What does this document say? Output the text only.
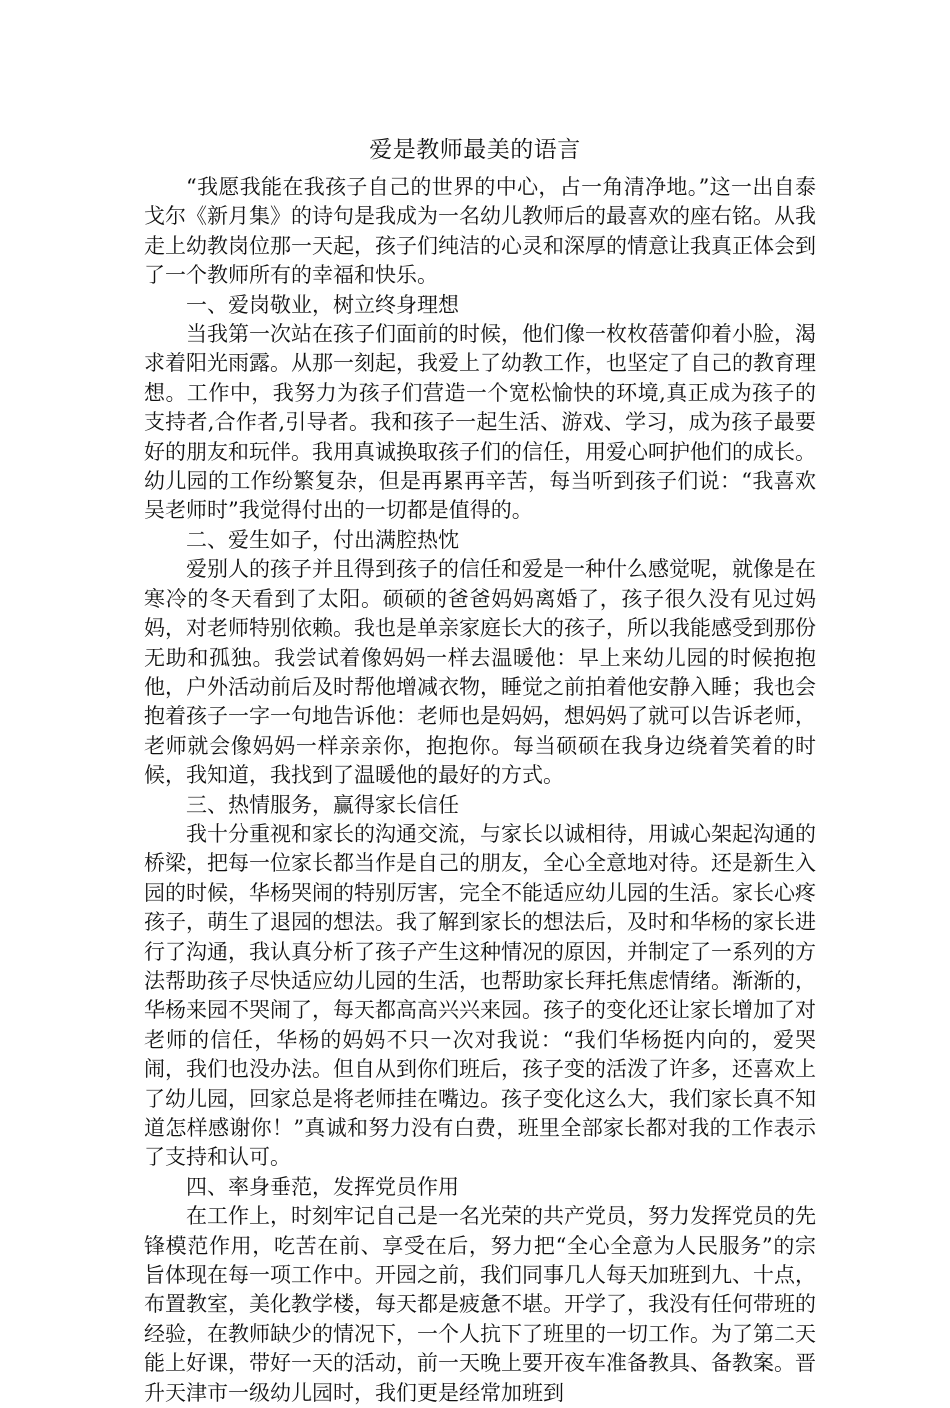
爱是教师最美的语言

“我愿我能在我孩子自己的世界的中心，占一角清净地。”这一出自泰戈尔《新月集》的诗句是我成为一名幼儿教师后的最喜欢的座右铭。从我走上幼教岗位那一天起，孩子们纯洁的心灵和深厚的情意让我真正体会到了一个教师所有的幸福和快乐。

一、爱岗敬业，树立终身理想

当我第一次站在孩子们面前的时候，他们像一枚枚蓓蕾仰着小脸，渴求着阳光雨露。从那一刻起，我爱上了幼教工作，也坚定了自己的教育理想。工作中，我努力为孩子们营造一个宽松愉快的环境,真正成为孩子的支持者,合作者,引导者。我和孩子一起生活、游戏、学习，成为孩子最要好的朋友和玩伴。我用真诚换取孩子们的信任，用爱心呵护他们的成长。幼儿园的工作纷繁复杂，但是再累再辛苦，每当听到孩子们说：“我喜欢吴老师时”我觉得付出的一切都是值得的。

二、爱生如子，付出满腔热忱

爱别人的孩子并且得到孩子的信任和爱是一种什么感觉呢，就像是在寒冷的冬天看到了太阳。硕硕的爸爸妈妈离婚了，孩子很久没有见过妈妈，对老师特别依赖。我也是单亲家庭长大的孩子，所以我能感受到那份无助和孤独。我尝试着像妈妈一样去温暖他：早上来幼儿园的时候抱抱他，户外活动前后及时帮他增减衣物，睡觉之前拍着他安静入睡；我也会抱着孩子一字一句地告诉他：老师也是妈妈，想妈妈了就可以告诉老师，老师就会像妈妈一样亲亲你，抱抱你。每当硕硕在我身边绕着笑着的时候，我知道，我找到了温暖他的最好的方式。

三、热情服务，赢得家长信任

我十分重视和家长的沟通交流，与家长以诚相待，用诚心架起沟通的桥梁，把每一位家长都当作是自己的朋友，全心全意地对待。还是新生入园的时候，华杨哭闹的特别厉害，完全不能适应幼儿园的生活。家长心疼孩子，萌生了退园的想法。我了解到家长的想法后，及时和华杨的家长进行了沟通，我认真分析了孩子产生这种情况的原因，并制定了一系列的方法帮助孩子尽快适应幼儿园的生活，也帮助家长拜托焦虑情绪。渐渐的，华杨来园不哭闹了，每天都高高兴兴来园。孩子的变化还让家长增加了对老师的信任，华杨的妈妈不只一次对我说：“我们华杨挺内向的，爱哭闹，我们也没办法。但自从到你们班后，孩子变的活泼了许多，还喜欢上了幼儿园，回家总是将老师挂在嘴边。孩子变化这么大，我们家长真不知道怎样感谢你！”真诚和努力没有白费，班里全部家长都对我的工作表示了支持和认可。

四、率身垂范，发挥党员作用

在工作上，时刻牢记自己是一名光荣的共产党员，努力发挥党员的先锋模范作用，吃苦在前、享受在后，努力把“全心全意为人民服务”的宗旨体现在每一项工作中。开园之前，我们同事几人每天加班到九、十点，布置教室，美化教学楼，每天都是疲惫不堪。开学了，我没有任何带班的经验，在教师缺少的情况下，一个人抗下了班里的一切工作。为了第二天能上好课，带好一天的活动，前一天晚上要开夜车准备教具、备教案。晋升天津市一级幼儿园时，我们更是经常加班到
